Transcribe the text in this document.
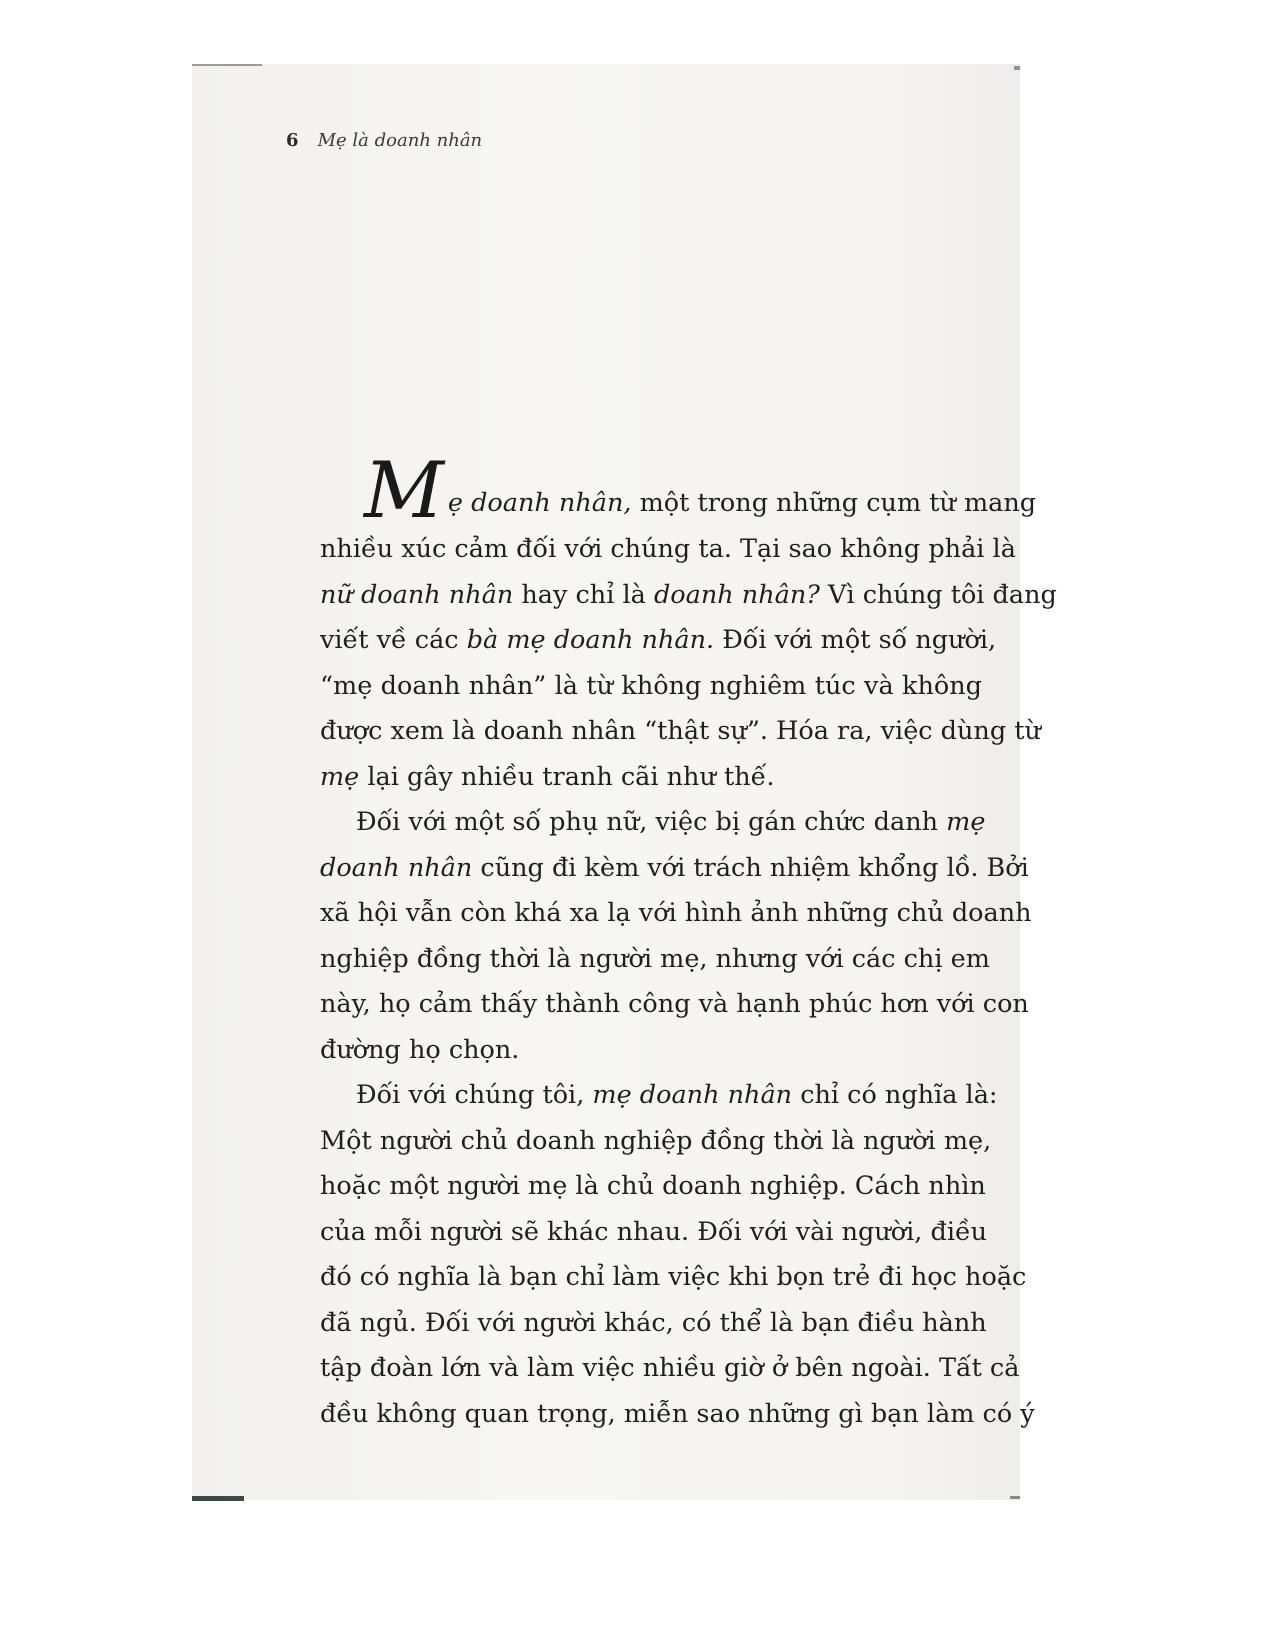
6 Mẹ là doanh nhân
Mẹ doanh nhân, một trong những cụm từ mang
nhiều xúc cảm đối với chúng ta. Tại sao không phải là
nữ doanh nhân hay chỉ là doanh nhân? Vì chúng tôi đang
viết về các bà mẹ doanh nhân. Đối với một số người,
“mẹ doanh nhân” là từ không nghiêm túc và không
được xem là doanh nhân “thật sự”. Hóa ra, việc dùng từ
mẹ lại gây nhiều tranh cãi như thế.
Đối với một số phụ nữ, việc bị gán chức danh mẹ
doanh nhân cũng đi kèm với trách nhiệm khổng lồ. Bởi
xã hội vẫn còn khá xa lạ với hình ảnh những chủ doanh
nghiệp đồng thời là người mẹ, nhưng với các chị em
này, họ cảm thấy thành công và hạnh phúc hơn với con
đường họ chọn.
Đối với chúng tôi, mẹ doanh nhân chỉ có nghĩa là:
Một người chủ doanh nghiệp đồng thời là người mẹ,
hoặc một người mẹ là chủ doanh nghiệp. Cách nhìn
của mỗi người sẽ khác nhau. Đối với vài người, điều
đó có nghĩa là bạn chỉ làm việc khi bọn trẻ đi học hoặc
đã ngủ. Đối với người khác, có thể là bạn điều hành
tập đoàn lớn và làm việc nhiều giờ ở bên ngoài. Tất cả
đều không quan trọng, miễn sao những gì bạn làm có ý
